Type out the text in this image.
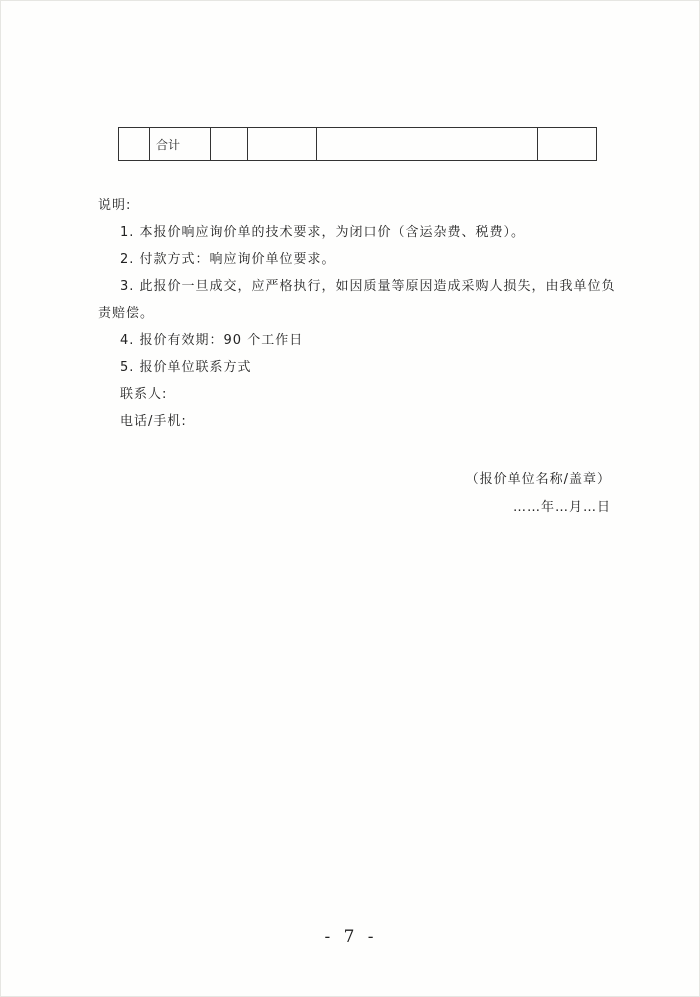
	合计				
说明:
1. 本报价响应询价单的技术要求，为闭口价（含运杂费、税费）。
2. 付款方式：响应询价单位要求。
3. 此报价一旦成交，应严格执行，如因质量等原因造成采购人损失，由我单位负
责赔偿。
4. 报价有效期：90 个工作日
5. 报价单位联系方式
联系人:
电话/手机:
（报价单位名称/盖章）
……年…月…日
- 7 -
